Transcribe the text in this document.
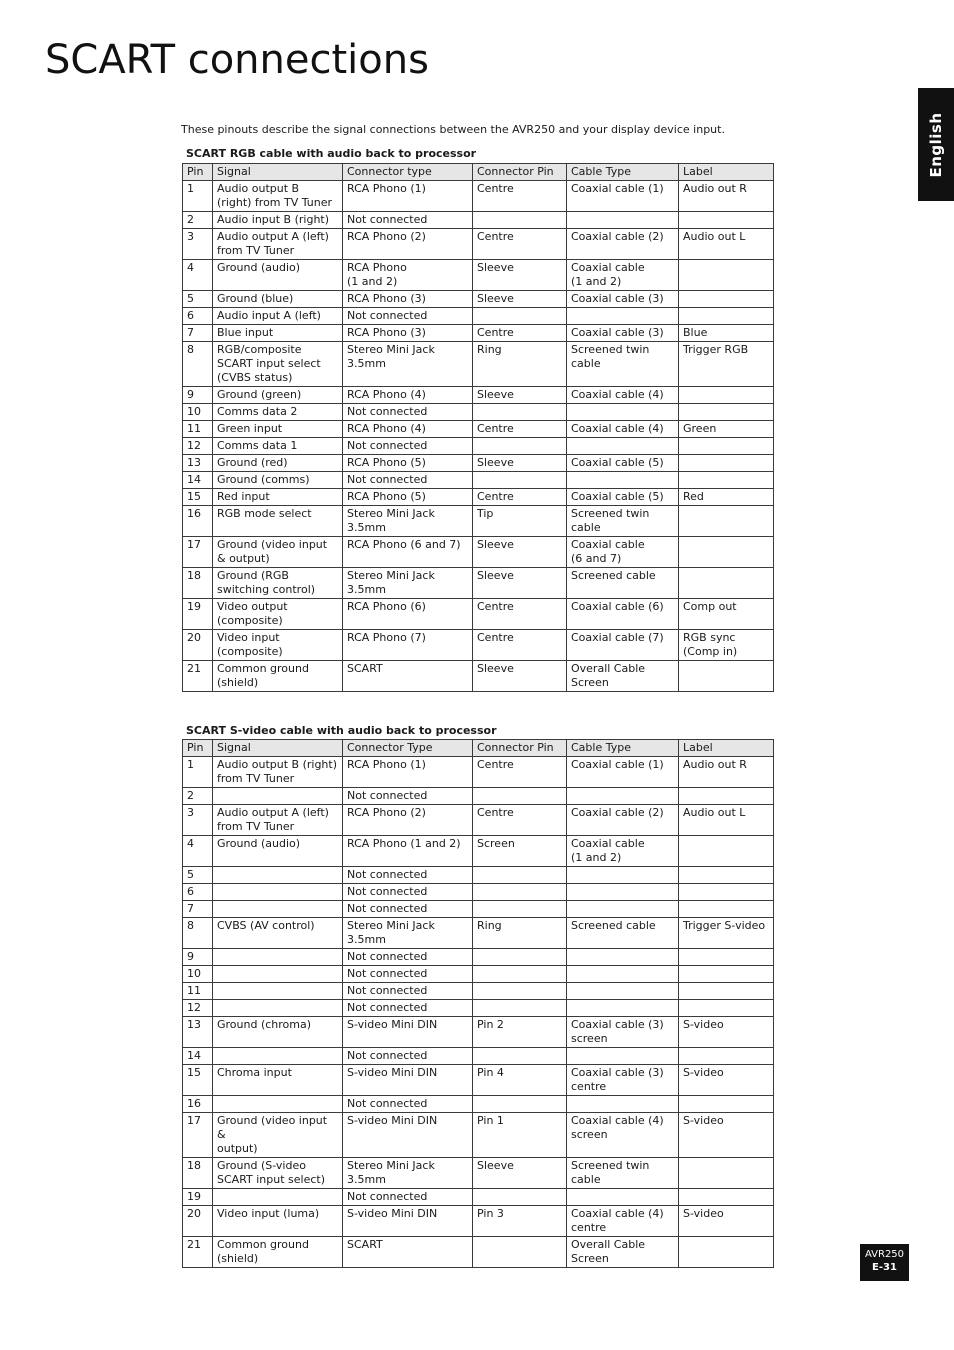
SCART connections
English

These pinouts describe the signal connections between the AVR250 and your display device input.

SCART RGB cable with audio back to processor

Pin	Signal	Connector type	Connector Pin	Cable Type	Label
1	Audio output B
(right) from TV Tuner	RCA Phono (1)	Centre	Coaxial cable (1)	Audio out R
2	Audio input B (right)	Not connected			
3	Audio output A (left)
from TV Tuner	RCA Phono (2)	Centre	Coaxial cable (2)	Audio out L
4	Ground (audio)	RCA Phono
(1 and 2)	Sleeve	Coaxial cable
(1 and 2)	
5	Ground (blue)	RCA Phono (3)	Sleeve	Coaxial cable (3)	
6	Audio input A (left)	Not connected			
7	Blue input	RCA Phono (3)	Centre	Coaxial cable (3)	Blue
8	RGB/composite
SCART input select
(CVBS status)	Stereo Mini Jack
3.5mm	Ring	Screened twin
cable	Trigger RGB
9	Ground (green)	RCA Phono (4)	Sleeve	Coaxial cable (4)	
10	Comms data 2	Not connected			
11	Green input	RCA Phono (4)	Centre	Coaxial cable (4)	Green
12	Comms data 1	Not connected			
13	Ground (red)	RCA Phono (5)	Sleeve	Coaxial cable (5)	
14	Ground (comms)	Not connected			
15	Red input	RCA Phono (5)	Centre	Coaxial cable (5)	Red
16	RGB mode select	Stereo Mini Jack
3.5mm	Tip	Screened twin
cable	
17	Ground (video input
& output)	RCA Phono (6 and 7)	Sleeve	Coaxial cable
(6 and 7)	
18	Ground (RGB
switching control)	Stereo Mini Jack
3.5mm	Sleeve	Screened cable	
19	Video output
(composite)	RCA Phono (6)	Centre	Coaxial cable (6)	Comp out
20	Video input
(composite)	RCA Phono (7)	Centre	Coaxial cable (7)	RGB sync
(Comp in)
21	Common ground
(shield)	SCART	Sleeve	Overall Cable
Screen	

SCART S-video cable with audio back to processor

Pin	Signal	Connector Type	Connector Pin	Cable Type	Label
1	Audio output B (right)
from TV Tuner	RCA Phono (1)	Centre	Coaxial cable (1)	Audio out R
2		Not connected			
3	Audio output A (left)
from TV Tuner	RCA Phono (2)	Centre	Coaxial cable (2)	Audio out L
4	Ground (audio)	RCA Phono (1 and 2)	Screen	Coaxial cable
(1 and 2)	
5		Not connected			
6		Not connected			
7		Not connected			
8	CVBS (AV control)	Stereo Mini Jack
3.5mm	Ring	Screened cable	Trigger S-video
9		Not connected			
10		Not connected			
11		Not connected			
12		Not connected			
13	Ground (chroma)	S-video Mini DIN	Pin 2	Coaxial cable (3)
screen	S-video
14		Not connected			
15	Chroma input	S-video Mini DIN	Pin 4	Coaxial cable (3)
centre	S-video
16		Not connected			
17	Ground (video input &
output)	S-video Mini DIN	Pin 1	Coaxial cable (4)
screen	S-video
18	Ground (S-video
SCART input select)	Stereo Mini Jack
3.5mm	Sleeve	Screened twin
cable	
19		Not connected			
20	Video input (luma)	S-video Mini DIN	Pin 3	Coaxial cable (4)
centre	S-video
21	Common ground
(shield)	SCART		Overall Cable
Screen		AVR250
E-31
